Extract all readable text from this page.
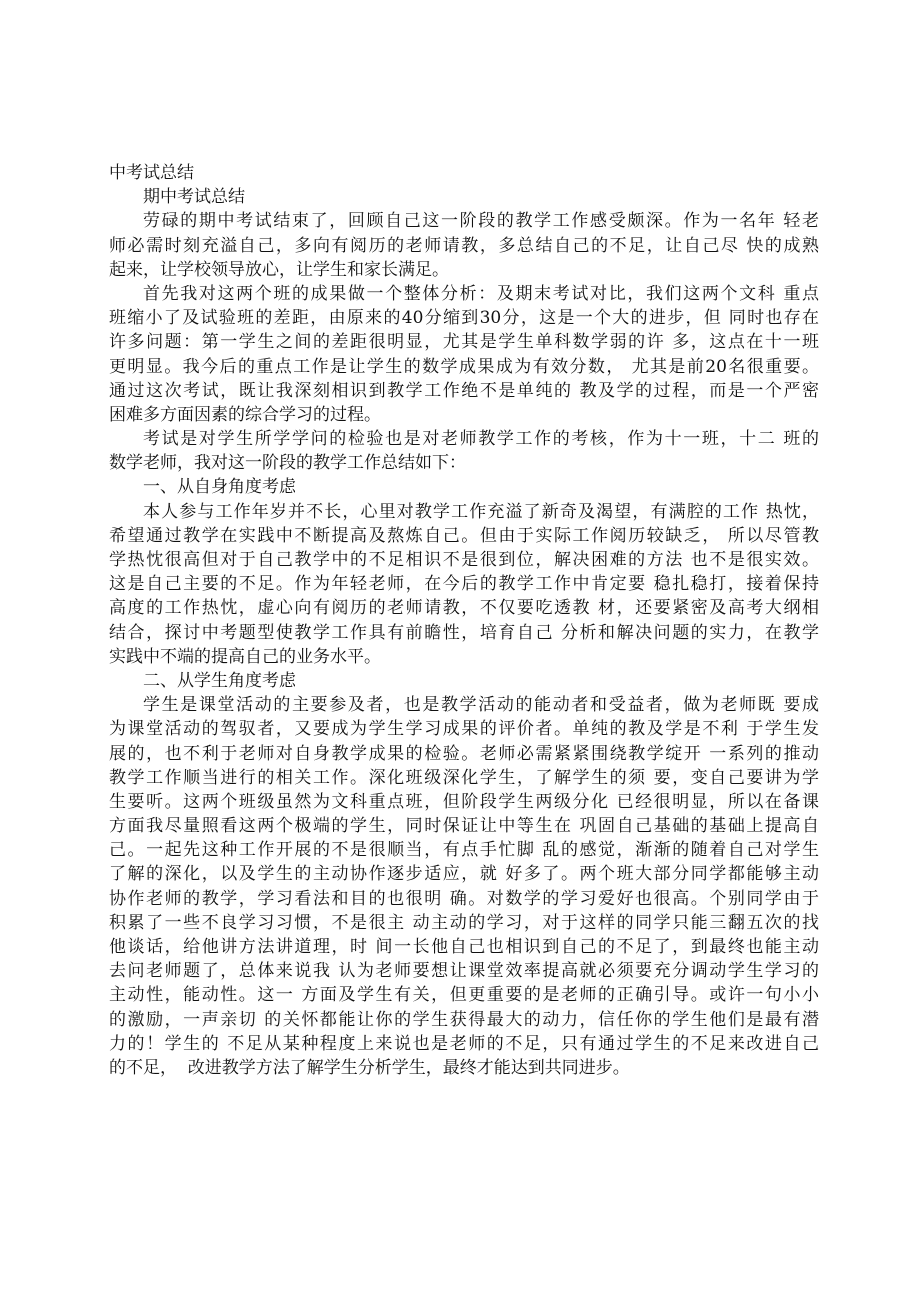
中考试总结
期中考试总结
劳碌的期中考试结束了，回顾自己这一阶段的教学工作感受颇深。作为一名年 轻老
师必需时刻充溢自己，多向有阅历的老师请教，多总结自己的不足，让自己尽 快的成熟
起来，让学校领导放心，让学生和家长满足。
首先我对这两个班的成果做一个整体分析：及期末考试对比，我们这两个文科 重点
班缩小了及试验班的差距，由原来的40分缩到30分，这是一个大的进步，但 同时也存在
许多问题：第一学生之间的差距很明显，尤其是学生单科数学弱的许 多，这点在十一班
更明显。我今后的重点工作是让学生的数学成果成为有效分数， 尤其是前20名很重要。
通过这次考试，既让我深刻相识到教学工作绝不是单纯的 教及学的过程，而是一个严密
困难多方面因素的综合学习的过程。
考试是对学生所学学问的检验也是对老师教学工作的考核，作为十一班，十二 班的
数学老师，我对这一阶段的教学工作总结如下：
一、从自身角度考虑
本人参与工作年岁并不长，心里对教学工作充溢了新奇及渴望，有满腔的工作 热忱，
希望通过教学在实践中不断提高及熬炼自己。但由于实际工作阅历较缺乏， 所以尽管教
学热忱很高但对于自己教学中的不足相识不是很到位，解决困难的方法 也不是很实效。
这是自己主要的不足。作为年轻老师，在今后的教学工作中肯定要 稳扎稳打，接着保持
高度的工作热忱，虚心向有阅历的老师请教，不仅要吃透教 材，还要紧密及高考大纲相
结合，探讨中考题型使教学工作具有前瞻性，培育自己 分析和解决问题的实力，在教学
实践中不端的提高自己的业务水平。
二、从学生角度考虑
学生是课堂活动的主要参及者，也是教学活动的能动者和受益者，做为老师既 要成
为课堂活动的驾驭者，又要成为学生学习成果的评价者。单纯的教及学是不利 于学生发
展的，也不利于老师对自身教学成果的检验。老师必需紧紧围绕教学绽开 一系列的推动
教学工作顺当进行的相关工作。深化班级深化学生，了解学生的须 要，变自己要讲为学
生要听。这两个班级虽然为文科重点班，但阶段学生两级分化 已经很明显，所以在备课
方面我尽量照看这两个极端的学生，同时保证让中等生在 巩固自己基础的基础上提高自
己。一起先这种工作开展的不是很顺当，有点手忙脚 乱的感觉，渐渐的随着自己对学生
了解的深化，以及学生的主动协作逐步适应，就 好多了。两个班大部分同学都能够主动
协作老师的教学，学习看法和目的也很明 确。对数学的学习爱好也很高。个别同学由于
积累了一些不良学习习惯，不是很主 动主动的学习，对于这样的同学只能三翻五次的找
他谈话，给他讲方法讲道理，时 间一长他自己也相识到自己的不足了，到最终也能主动
去问老师题了，总体来说我 认为老师要想让课堂效率提高就必须要充分调动学生学习的
主动性，能动性。这一 方面及学生有关，但更重要的是老师的正确引导。或许一句小小
的激励，一声亲切 的关怀都能让你的学生获得最大的动力，信任你的学生他们是最有潜
力的！学生的 不足从某种程度上来说也是老师的不足，只有通过学生的不足来改进自己
的不足，  改进教学方法了解学生分析学生，最终才能达到共同进步。
